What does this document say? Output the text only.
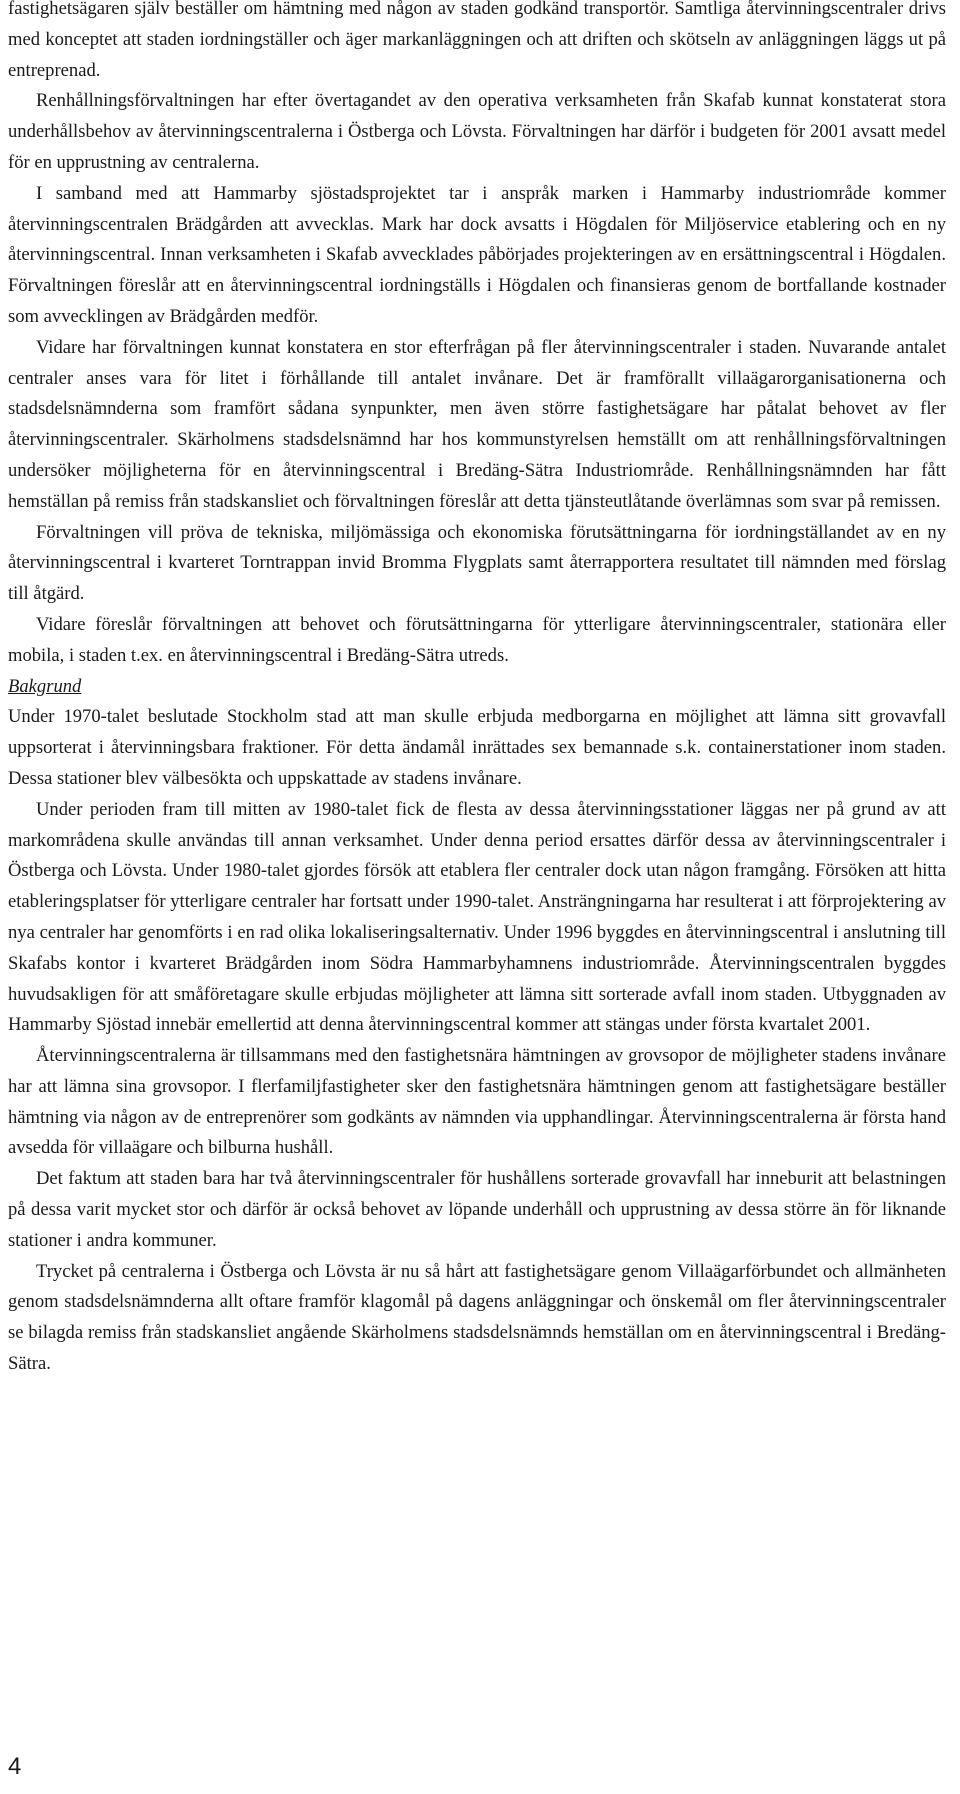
fastighetsägaren själv beställer om hämtning med någon av staden godkänd transportör. Samtliga återvinningscentraler drivs med konceptet att staden iordningställer och äger markanläggningen och att driften och skötseln av anläggningen läggs ut på entreprenad.

Renhållningsförvaltningen har efter övertagandet av den operativa verksamheten från Skafab kunnat konstaterat stora underhållsbehov av återvinningscentralerna i Östberga och Lövsta. Förvaltningen har därför i budgeten för 2001 avsatt medel för en upprustning av centralerna.

I samband med att Hammarby sjöstadsprojektet tar i anspråk marken i Hammarby industriområde kommer återvinningscentralen Brädgården att avvecklas. Mark har dock avsatts i Högdalen för Miljöservice etablering och en ny återvinningscentral. Innan verksamheten i Skafab avvecklades påbörjades projekteringen av en ersättningscentral i Högdalen. Förvaltningen föreslår att en återvinningscentral iordningställs i Högdalen och finansieras genom de bortfallande kostnader som avvecklingen av Brädgården medför.

Vidare har förvaltningen kunnat konstatera en stor efterfrågan på fler återvinningscentraler i staden. Nuvarande antalet centraler anses vara för litet i förhållande till antalet invånare. Det är framförallt villaägarorganisationerna och stadsdelsnämnderna som framfört sådana synpunkter, men även större fastighetsägare har påtalat behovet av fler återvinningscentraler. Skärholmens stadsdelsnämnd har hos kommunstyrelsen hemställt om att renhållningsförvaltningen undersöker möjligheterna för en återvinningscentral i Bredäng-Sätra Industriområde. Renhållningsnämnden har fått hemställan på remiss från stadskansliet och förvaltningen föreslår att detta tjänsteutlåtande överlämnas som svar på remissen.

Förvaltningen vill pröva de tekniska, miljömässiga och ekonomiska förutsättningarna för iordningställandet av en ny återvinningscentral i kvarteret Torntrappan invid Bromma Flygplats samt återrapportera resultatet till nämnden med förslag till åtgärd.

Vidare föreslår förvaltningen att behovet och förutsättningarna för ytterligare återvinningscentraler, stationära eller mobila, i staden t.ex. en återvinningscentral i Bredäng-Sätra utreds.

Bakgrund

Under 1970-talet beslutade Stockholm stad att man skulle erbjuda medborgarna en möjlighet att lämna sitt grovavfall uppsorterat i återvinningsbara fraktioner. För detta ändamål inrättades sex bemannade s.k. containerstationer inom staden. Dessa stationer blev välbesökta och uppskattade av stadens invånare.

Under perioden fram till mitten av 1980-talet fick de flesta av dessa återvinningsstationer läggas ner på grund av att markområdena skulle användas till annan verksamhet. Under denna period ersattes därför dessa av återvinningscentraler i Östberga och Lövsta. Under 1980-talet gjordes försök att etablera fler centraler dock utan någon framgång. Försöken att hitta etableringsplatser för ytterligare centraler har fortsatt under 1990-talet. Ansträngningarna har resulterat i att förprojektering av nya centraler har genomförts i en rad olika lokaliseringsalternativ. Under 1996 byggdes en återvinningscentral i anslutning till Skafabs kontor i kvarteret Brädgården inom Södra Hammarbyhamnens industriområde. Återvinningscentralen byggdes huvudsakligen för att småföretagare skulle erbjudas möjligheter att lämna sitt sorterade avfall inom staden. Utbyggnaden av Hammarby Sjöstad innebär emellertid att denna återvinningscentral kommer att stängas under första kvartalet 2001.

Återvinningscentralerna är tillsammans med den fastighetsnära hämtningen av grovsopor de möjligheter stadens invånare har att lämna sina grovsopor. I flerfamiljfastigheter sker den fastighetsnära hämtningen genom att fastighetsägare beställer hämtning via någon av de entreprenörer som godkänts av nämnden via upphandlingar. Återvinningscentralerna är första hand avsedda för villaägare och bilburna hushåll.

Det faktum att staden bara har två återvinningscentraler för hushållens sorterade grovavfall har inneburit att belastningen på dessa varit mycket stor och därför är också behovet av löpande underhåll och upprustning av dessa större än för liknande stationer i andra kommuner.

Trycket på centralerna i Östberga och Lövsta är nu så hårt att fastighetsägare genom Villaägarförbundet och allmänheten genom stadsdelsnämnderna allt oftare framför klagomål på dagens anläggningar och önskemål om fler återvinningscentraler se bilagda remiss från stadskansliet angående Skärholmens stadsdelsnämnds hemställan om en återvinningscentral i Bredäng-Sätra.

4
